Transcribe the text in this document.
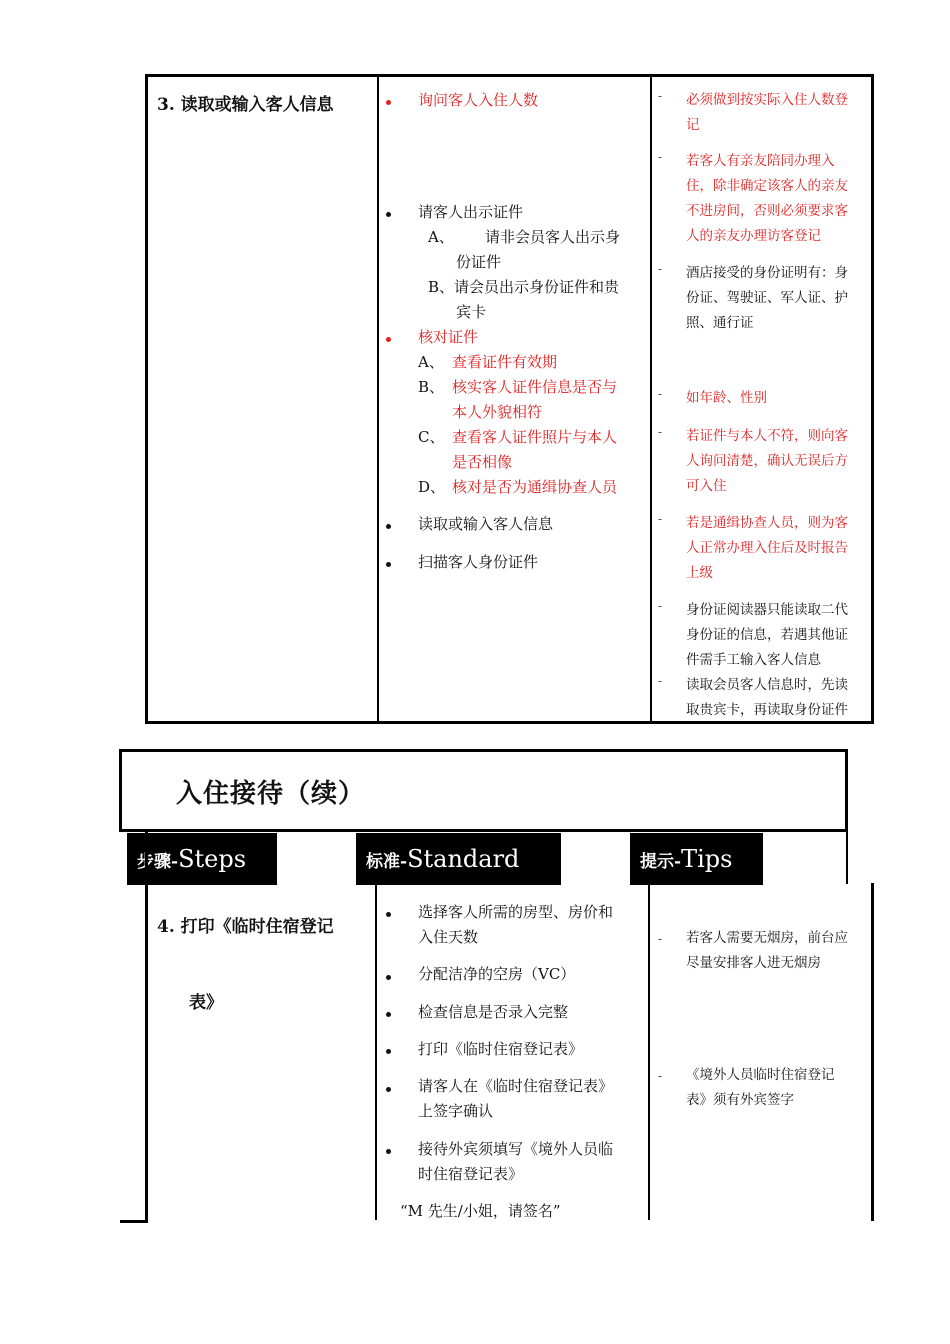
3. 读取或输入客人信息	询问客人入住人数
请客人出示证件
A、 请非会员客人出示身
份证件
B、请会员出示身份证件和贵
宾卡
核对证件
A、 查看证件有效期
B、 核实客人证件信息是否与
本人外貌相符
C、 查看客人证件照片与本人
是否相像
D、 核对是否为通缉协查人员
读取或输入客人信息
扫描客人身份证件
- 必须做到按实际入住人数登
记
- 若客人有亲友陪同办理入
住，除非确定该客人的亲友
不进房间，否则必须要求客
人的亲友办理访客登记
- 酒店接受的身份证明有：身
份证、驾驶证、军人证、护
照、通行证
- 如年龄、性别
- 若证件与本人不符，则向客
人询问清楚，确认无误后方
可入住
- 若是通缉协查人员，则为客
人正常办理入住后及时报告
上级
- 身份证阅读器只能读取二代
身份证的信息，若遇其他证
件需手工输入客人信息
- 读取会员客人信息时，先读
取贵宾卡，再读取身份证件
入住接待（续）
步骤- Steps	标准- Standard	提示- Tips
4. 打印《临时住宿登记
表》
选择客人所需的房型、房价和
入住天数
分配洁净的空房（VC）
检查信息是否录入完整
打印《临时住宿登记表》
请客人在《临时住宿登记表》
上签字确认
接待外宾须填写《境外人员临
时住宿登记表》
“M 先生/小姐，请签名”
- 若客人需要无烟房，前台应
尽量安排客人进无烟房
- 《境外人员临时住宿登记
表》须有外宾签字
